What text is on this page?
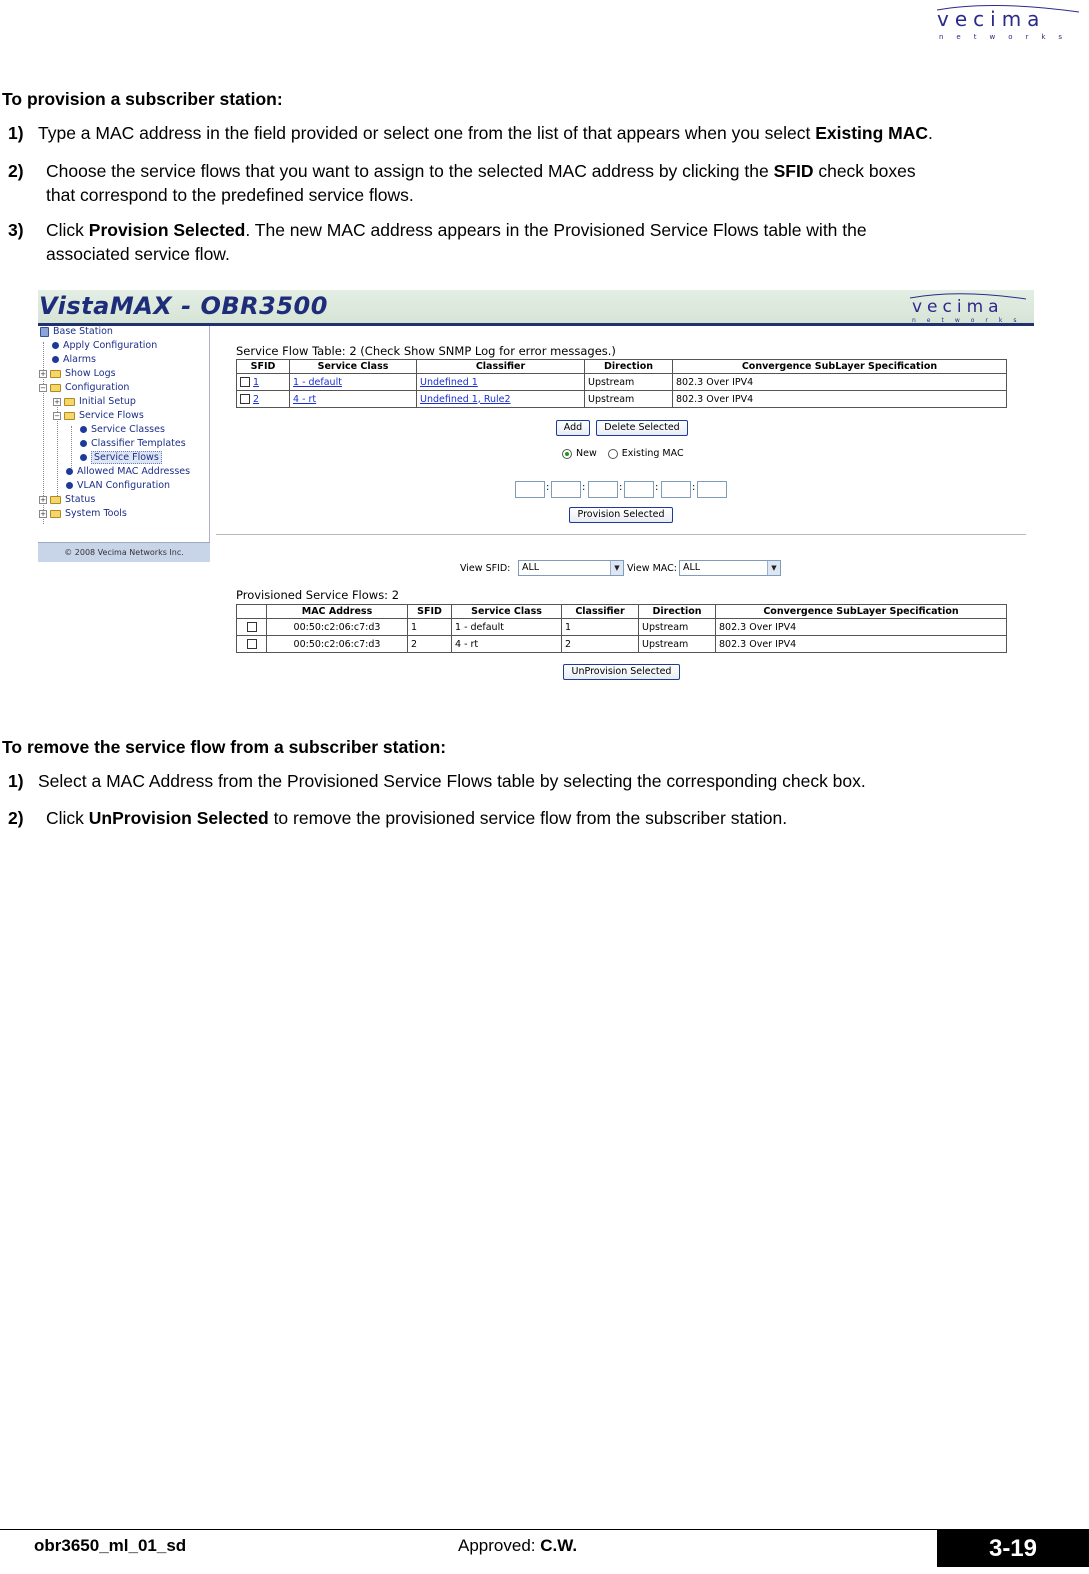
vecima
networks
To provision a subscriber station:
1) Type a MAC address in the field provided or select one from the list of that appears when you select Existing MAC.
2) Choose the service flows that you want to assign to the selected MAC address by clicking the SFID check boxes
that correspond to the predefined service flows.
3) Click Provision Selected. The new MAC address appears in the Provisioned Service Flows table with the
associated service flow.
VistaMAX - OBR3500	vecima
networks
Base Station
Apply Configuration
Alarms
+ Show Logs
− Configuration
+ Initial Setup
− Service Flows
Service Classes
Classifier Templates
Service Flows
Allowed MAC Addresses
VLAN Configuration
+ Status
+ System Tools
© 2008 Vecima Networks Inc.
Service Flow Table: 2 (Check Show SNMP Log for error messages.)
SFID	Service Class	Classifier	Direction	Convergence SubLayer Specification
1	1 - default	Undefined 1	Upstream	802.3 Over IPV4
2	4 - rt	Undefined 1, Rule2	Upstream	802.3 Over IPV4
Add	Delete Selected
New	Existing MAC
:	:	:	:	:
Provision Selected
View SFID:	ALL	▼ View MAC: ALL	▼
Provisioned Service Flows: 2
	MAC Address	SFID	Service Class	Classifier	Direction	Convergence SubLayer Specification
	00:50:c2:06:c7:d3	1	1 - default	1	Upstream	802.3 Over IPV4
	00:50:c2:06:c7:d3	2	4 - rt	2	Upstream	802.3 Over IPV4
UnProvision Selected
To remove the service flow from a subscriber station:
1) Select a MAC Address from the Provisioned Service Flows table by selecting the corresponding check box.
2) Click UnProvision Selected to remove the provisioned service flow from the subscriber station.
obr3650_ml_01_sd	Approved: C.W.	3-19
